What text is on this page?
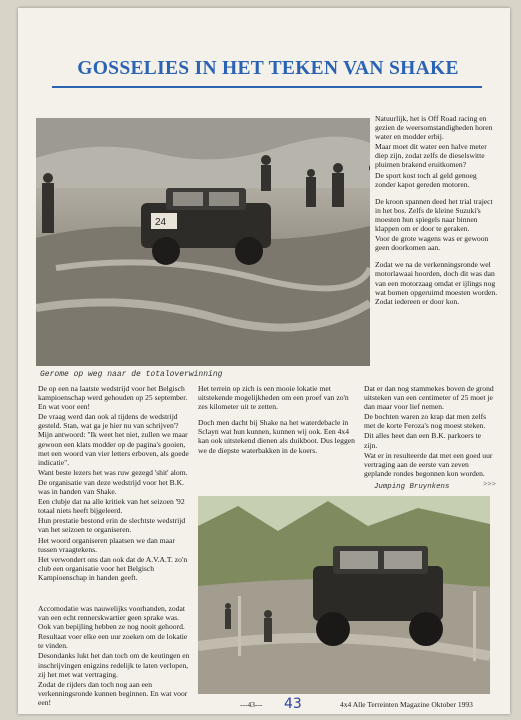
GOSSELIES IN HET TEKEN VAN SHAKE
24
Gerome op weg naar de totaloverwinning

Natuurlijk, het is Off Road racing en gezien de weersomstandigheden horen water en modder erbij.

Maar moet dit water een halve meter diep zijn, zodat zelfs de dieselswitte pluimen brakend eruitkomen?

De sport kost toch al geld genoeg zonder kapot gereden motoren.

De kroon spannen deed het trial traject in het bos. Zelfs de kleine Suzuki's moesten hun spiegels naar binnen klappen om er door te geraken.

Voor de grote wagens was er gewoon geen doorkomen aan.

Zodat we na de verkenningsronde wel motorlawaai hoorden, doch dit was dan van een motorzaag omdat er ijlings nog wat bomen opgeruimd moesten worden. Zodat iedereen er door kon.

De op een na laatste wedstrijd voor het Belgisch kampioenschap werd gehouden op 25 september. En wat voor een!

De vraag werd dan ook al tijdens de wedstrijd gesteld. Stan, wat ga je hier nu van schrijven'? Mijn antwoord: "Ik weet het niet, zullen we maar gewoon een klats modder op de pagina's gooien, met een woord van vier letters erboven, als goede indicatie".

Want beste lezers het was ruw gezegd 'shit' alom.

De organisatie van deze wedstrijd voor het B.K. was in handen van Shake.

Een clubje dat na alle kritiek van het seizoen '92 totaal niets heeft bijgeleerd.

Hun prestatie bestond erin de slechtste wedstrijd van het seizoen te organiseren.

Het woord organiseren plaatsen we dan maar tussen vraagtekens.

Het verwondert ons dan ook dat de A.V.A.T. zo'n club een organisatie voor het Belgisch Kampioenschap in handen geeft.

Accomodatie was nauwelijks voorhanden, zodat van een echt rennerskwartier geen sprake was. Ook van bepijling hebben ze nog nooit gehoord.

Resultaat voer elke een uur zoeken om de lokatie te vinden.

Desondanks lukt het dan toch om de keutingen en inschrijvingen enigzins redelijk te laten verlopen, zij het met wat vertraging.

Zodat de rijders dan toch nog aan een verkenningsronde kunnen beginnen. En wat voor een!

Het terrein op zich is een mooie lokatie met uitstekende mogelijkheden om een proef van zo'n zes kilometer uit te zetten.

Doch men dacht bij Shake na het waterdebacle in Sclayn wat hun kunnen, kunnen wij ook. Een 4x4 kan ook uitstekend dienen als duikboot. Dus leggen we de diepste waterbakken in de koers.

Dat er dan nog stammekes boven de grond uitsteken van een centimeter of 25 moet je dan maar voor lief nemen.

De bochten waren zo krap dat men zelfs met de korte Feroza's nog moest steken.

Dit alles heet dan een B.K. parkoers te zijn.

Wat er in resulteerde dat met een goed uur vertraging aan de eerste van zeven geplande rondes begonnen kon worden.

>>>

Jumping Bruynkens
---43--- 43	4x4 Alle Terreinten Magazine Oktober 1993
